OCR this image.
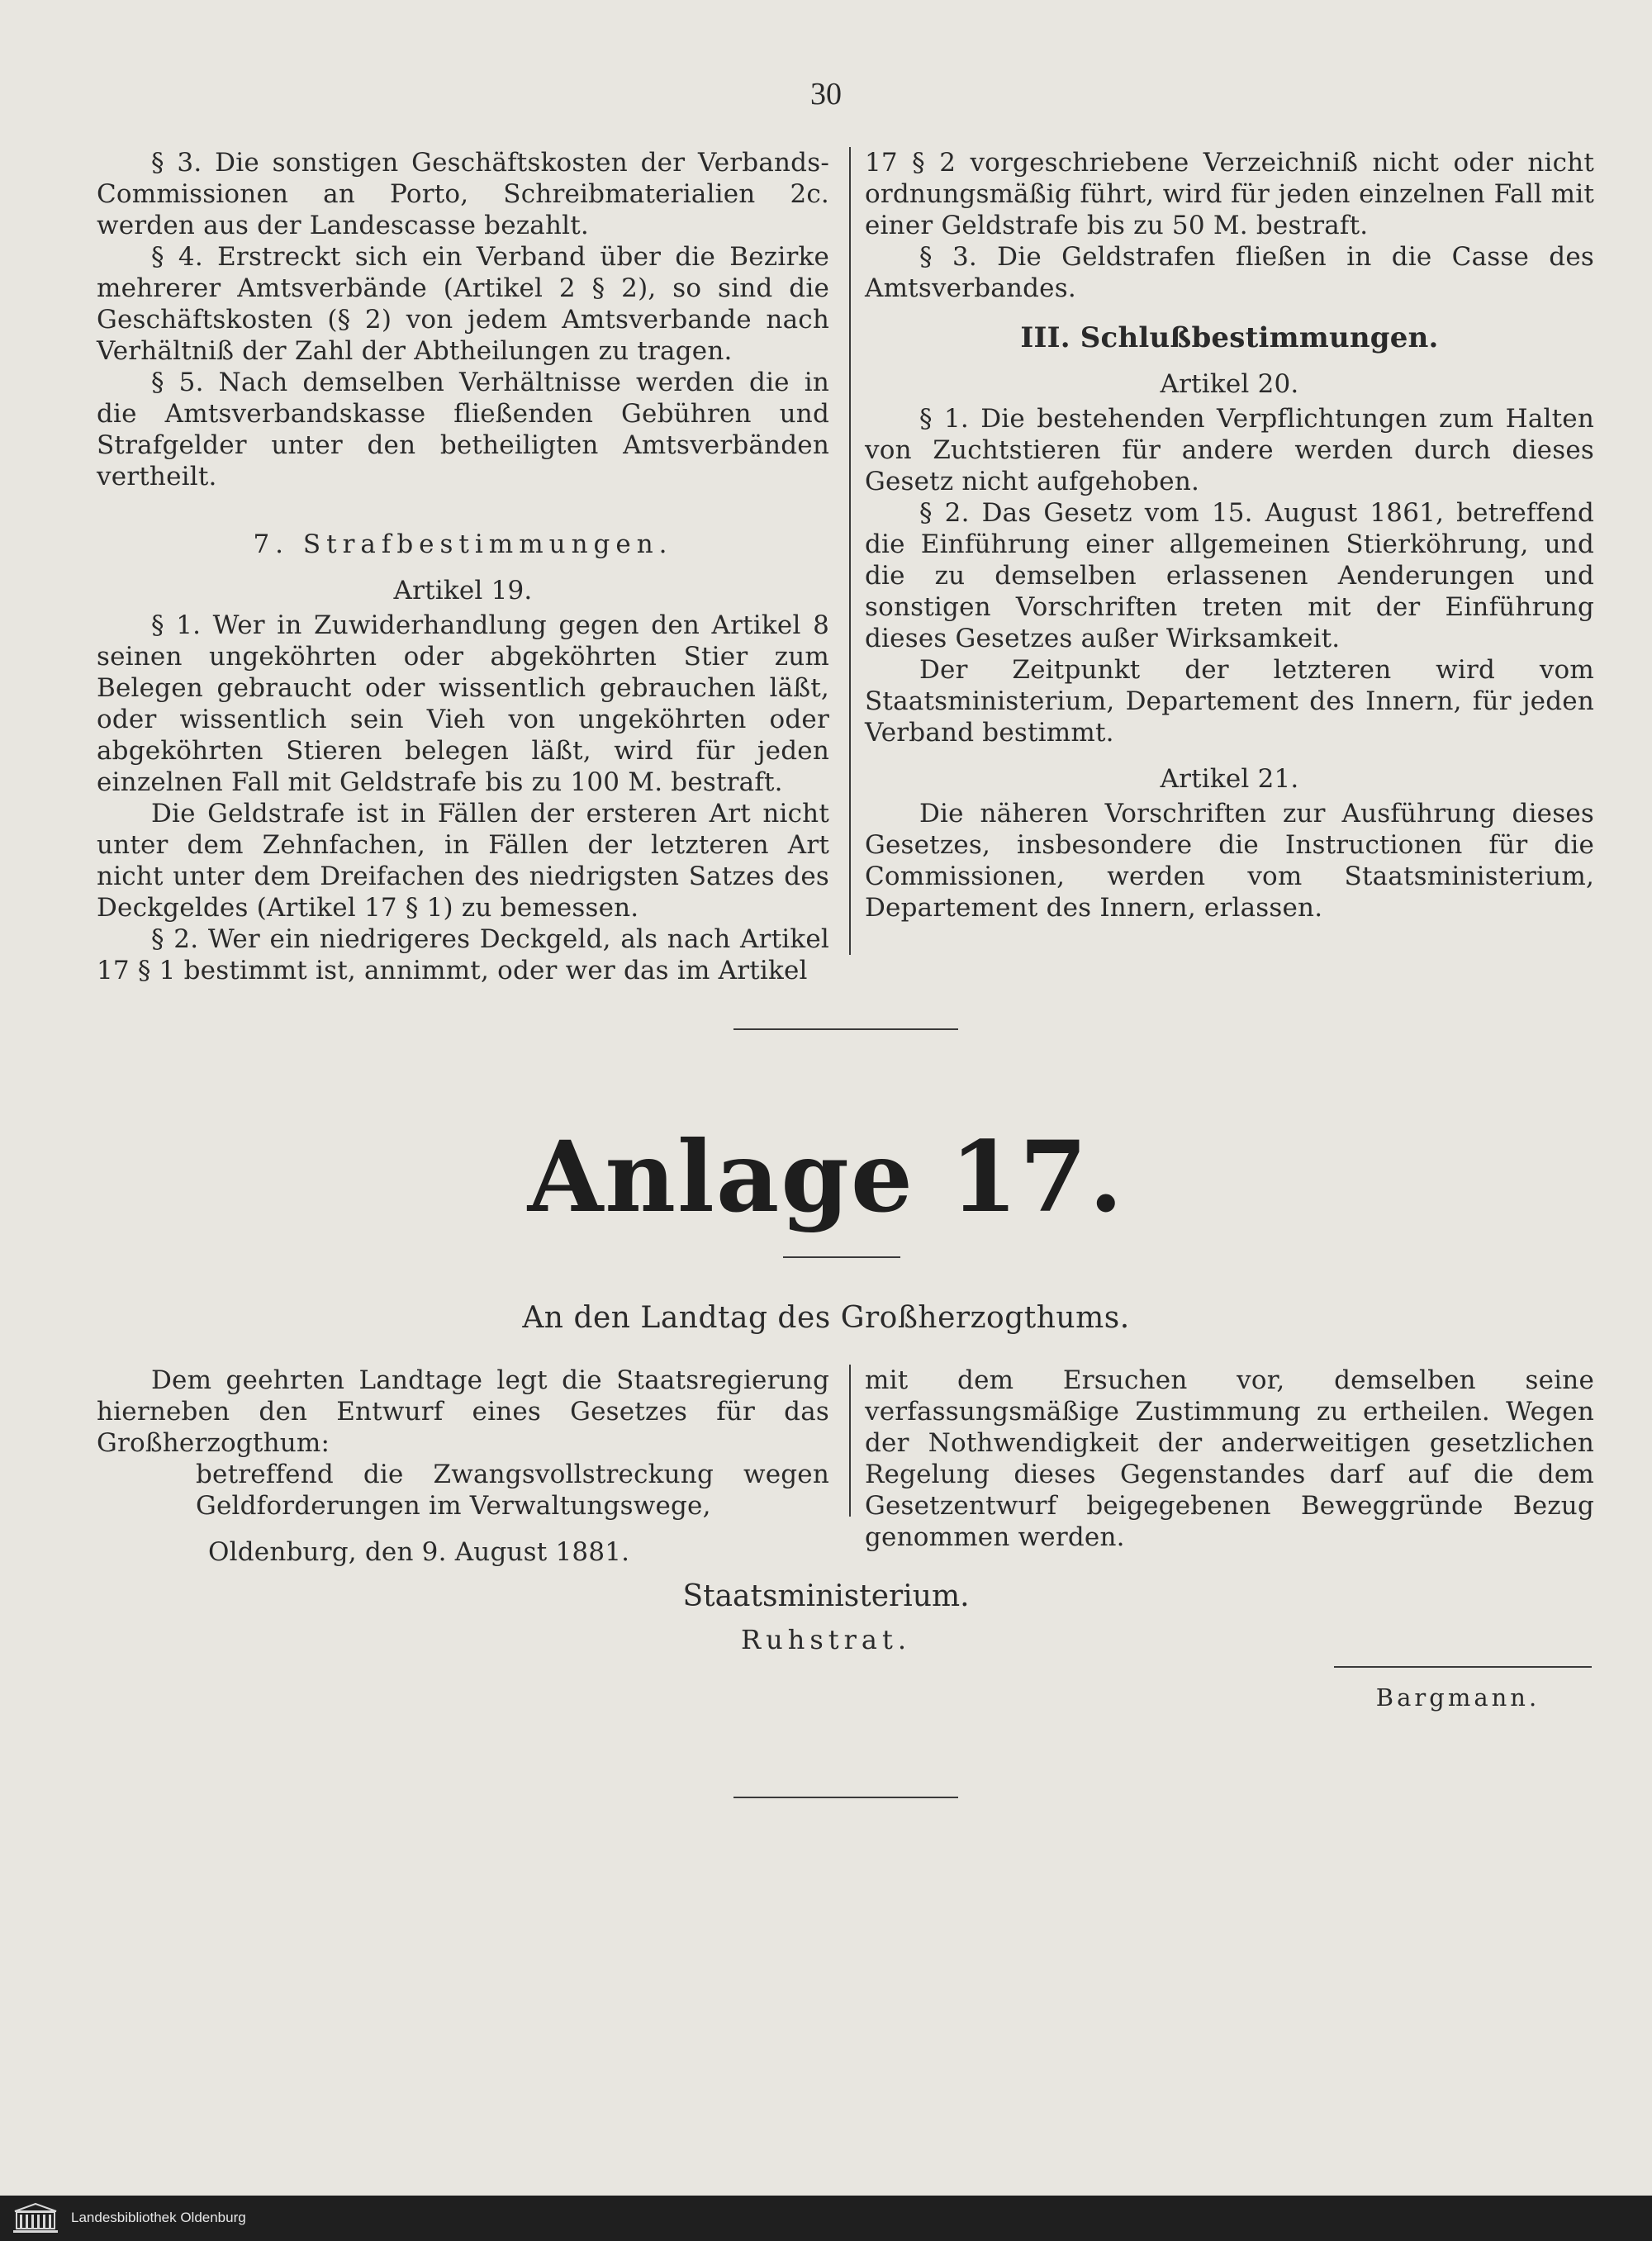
30

§ 3. Die sonstigen Geschäftskosten der Verbands-Commissionen an Porto, Schreibmaterialien 2c. werden aus der Landescasse bezahlt.

§ 4. Erstreckt sich ein Verband über die Bezirke mehrerer Amtsverbände (Artikel 2 § 2), so sind die Geschäftskosten (§ 2) von jedem Amtsverbande nach Verhältniß der Zahl der Abtheilungen zu tragen.

§ 5. Nach demselben Verhältnisse werden die in die Amtsverbandskasse fließenden Gebühren und Strafgelder unter den betheiligten Amtsverbänden vertheilt.

7. Strafbestimmungen.

Artikel 19.

§ 1. Wer in Zuwiderhandlung gegen den Artikel 8 seinen ungeköhrten oder abgeköhrten Stier zum Belegen gebraucht oder wissentlich gebrauchen läßt, oder wissentlich sein Vieh von ungeköhrten oder abgeköhrten Stieren belegen läßt, wird für jeden einzelnen Fall mit Geldstrafe bis zu 100 M. bestraft.

Die Geldstrafe ist in Fällen der ersteren Art nicht unter dem Zehnfachen, in Fällen der letzteren Art nicht unter dem Dreifachen des niedrigsten Satzes des Deckgeldes (Artikel 17 § 1) zu bemessen.

§ 2. Wer ein niedrigeres Deckgeld, als nach Artikel 17 § 1 bestimmt ist, annimmt, oder wer das im Artikel

17 § 2 vorgeschriebene Verzeichniß nicht oder nicht ordnungsmäßig führt, wird für jeden einzelnen Fall mit einer Geldstrafe bis zu 50 M. bestraft.

§ 3. Die Geldstrafen fließen in die Casse des Amtsverbandes.

III. Schlußbestimmungen.

Artikel 20.

§ 1. Die bestehenden Verpflichtungen zum Halten von Zuchtstieren für andere werden durch dieses Gesetz nicht aufgehoben.

§ 2. Das Gesetz vom 15. August 1861, betreffend die Einführung einer allgemeinen Stierköhrung, und die zu demselben erlassenen Aenderungen und sonstigen Vorschriften treten mit der Einführung dieses Gesetzes außer Wirksamkeit.

Der Zeitpunkt der letzteren wird vom Staatsministerium, Departement des Innern, für jeden Verband bestimmt.

Artikel 21.

Die näheren Vorschriften zur Ausführung dieses Gesetzes, insbesondere die Instructionen für die Commissionen, werden vom Staatsministerium, Departement des Innern, erlassen.

Anlage 17.
An den Landtag des Großherzogthums.

Dem geehrten Landtage legt die Staatsregierung hierneben den Entwurf eines Gesetzes für das Großherzogthum:

betreffend die Zwangsvollstreckung wegen Geldforderungen im Verwaltungswege,

Oldenburg, den 9. August 1881.

mit dem Ersuchen vor, demselben seine verfassungsmäßige Zustimmung zu ertheilen. Wegen der Nothwendigkeit der anderweitigen gesetzlichen Regelung dieses Gegenstandes darf auf die dem Gesetzentwurf beigegebenen Beweggründe Bezug genommen werden.

Staatsministerium.
Ruhstrat.
Bargmann.
Landesbibliothek Oldenburg
